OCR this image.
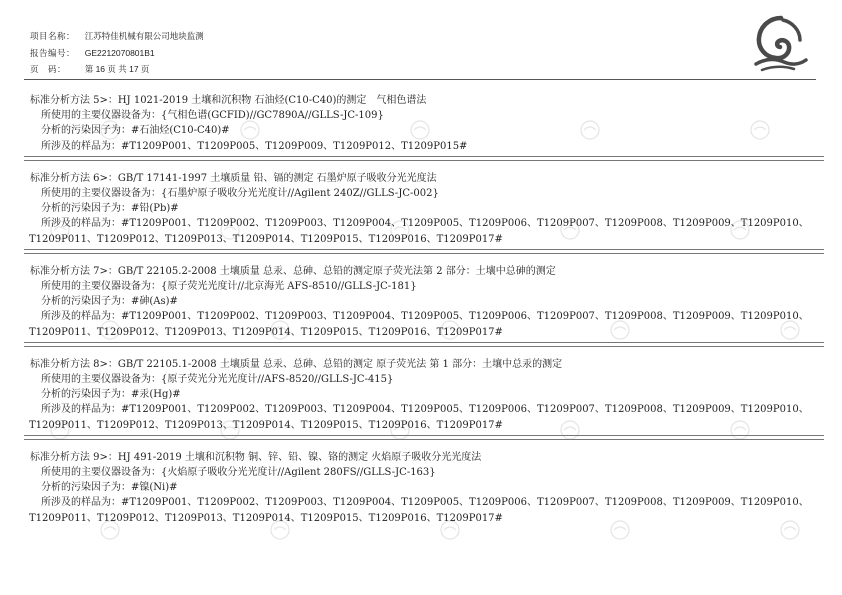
项目名称： 江苏特佳机械有限公司地块监测
报告编号： GE2212070801B1
页　码： 第 16 页 共 17 页
标准分析方法 5>：HJ 1021-2019 土壤和沉积物 石油烃(C10-C40)的测定　气相色谱法
所使用的主要仪器设备为：{气相色谱(GCFID)//GC7890A//GLLS-JC-109}
分析的污染因子为：#石油烃(C10-C40)#
所涉及的样品为：#T1209P001、T1209P005、T1209P009、T1209P012、T1209P015#
标准分析方法 6>：GB/T 17141-1997 土壤质量 铅、镉的测定 石墨炉原子吸收分光光度法
所使用的主要仪器设备为：{石墨炉原子吸收分光光度计//Agilent 240Z//GLLS-JC-002}
分析的污染因子为：#铅(Pb)#
所涉及的样品为：#T1209P001、T1209P002、T1209P003、T1209P004、T1209P005、T1209P006、T1209P007、T1209P008、T1209P009、T1209P010、
T1209P011、T1209P012、T1209P013、T1209P014、T1209P015、T1209P016、T1209P017#
标准分析方法 7>：GB/T 22105.2-2008 土壤质量 总汞、总砷、总铅的测定原子荧光法第 2 部分：土壤中总砷的测定
所使用的主要仪器设备为：{原子荧光光度计//北京海光 AFS-8510//GLLS-JC-181}
分析的污染因子为：#砷(As)#
所涉及的样品为：#T1209P001、T1209P002、T1209P003、T1209P004、T1209P005、T1209P006、T1209P007、T1209P008、T1209P009、T1209P010、
T1209P011、T1209P012、T1209P013、T1209P014、T1209P015、T1209P016、T1209P017#
标准分析方法 8>：GB/T 22105.1-2008 土壤质量 总汞、总砷、总铅的测定 原子荧光法 第 1 部分：土壤中总汞的测定
所使用的主要仪器设备为：{原子荧光分光光度计//AFS-8520//GLLS-JC-415}
分析的污染因子为：#汞(Hg)#
所涉及的样品为：#T1209P001、T1209P002、T1209P003、T1209P004、T1209P005、T1209P006、T1209P007、T1209P008、T1209P009、T1209P010、
T1209P011、T1209P012、T1209P013、T1209P014、T1209P015、T1209P016、T1209P017#
标准分析方法 9>：HJ 491-2019 土壤和沉积物 铜、锌、铅、镍、铬的测定 火焰原子吸收分光光度法
所使用的主要仪器设备为：{火焰原子吸收分光光度计//Agilent 280FS//GLLS-JC-163}
分析的污染因子为：#镍(Ni)#
所涉及的样品为：#T1209P001、T1209P002、T1209P003、T1209P004、T1209P005、T1209P006、T1209P007、T1209P008、T1209P009、T1209P010、
T1209P011、T1209P012、T1209P013、T1209P014、T1209P015、T1209P016、T1209P017#
